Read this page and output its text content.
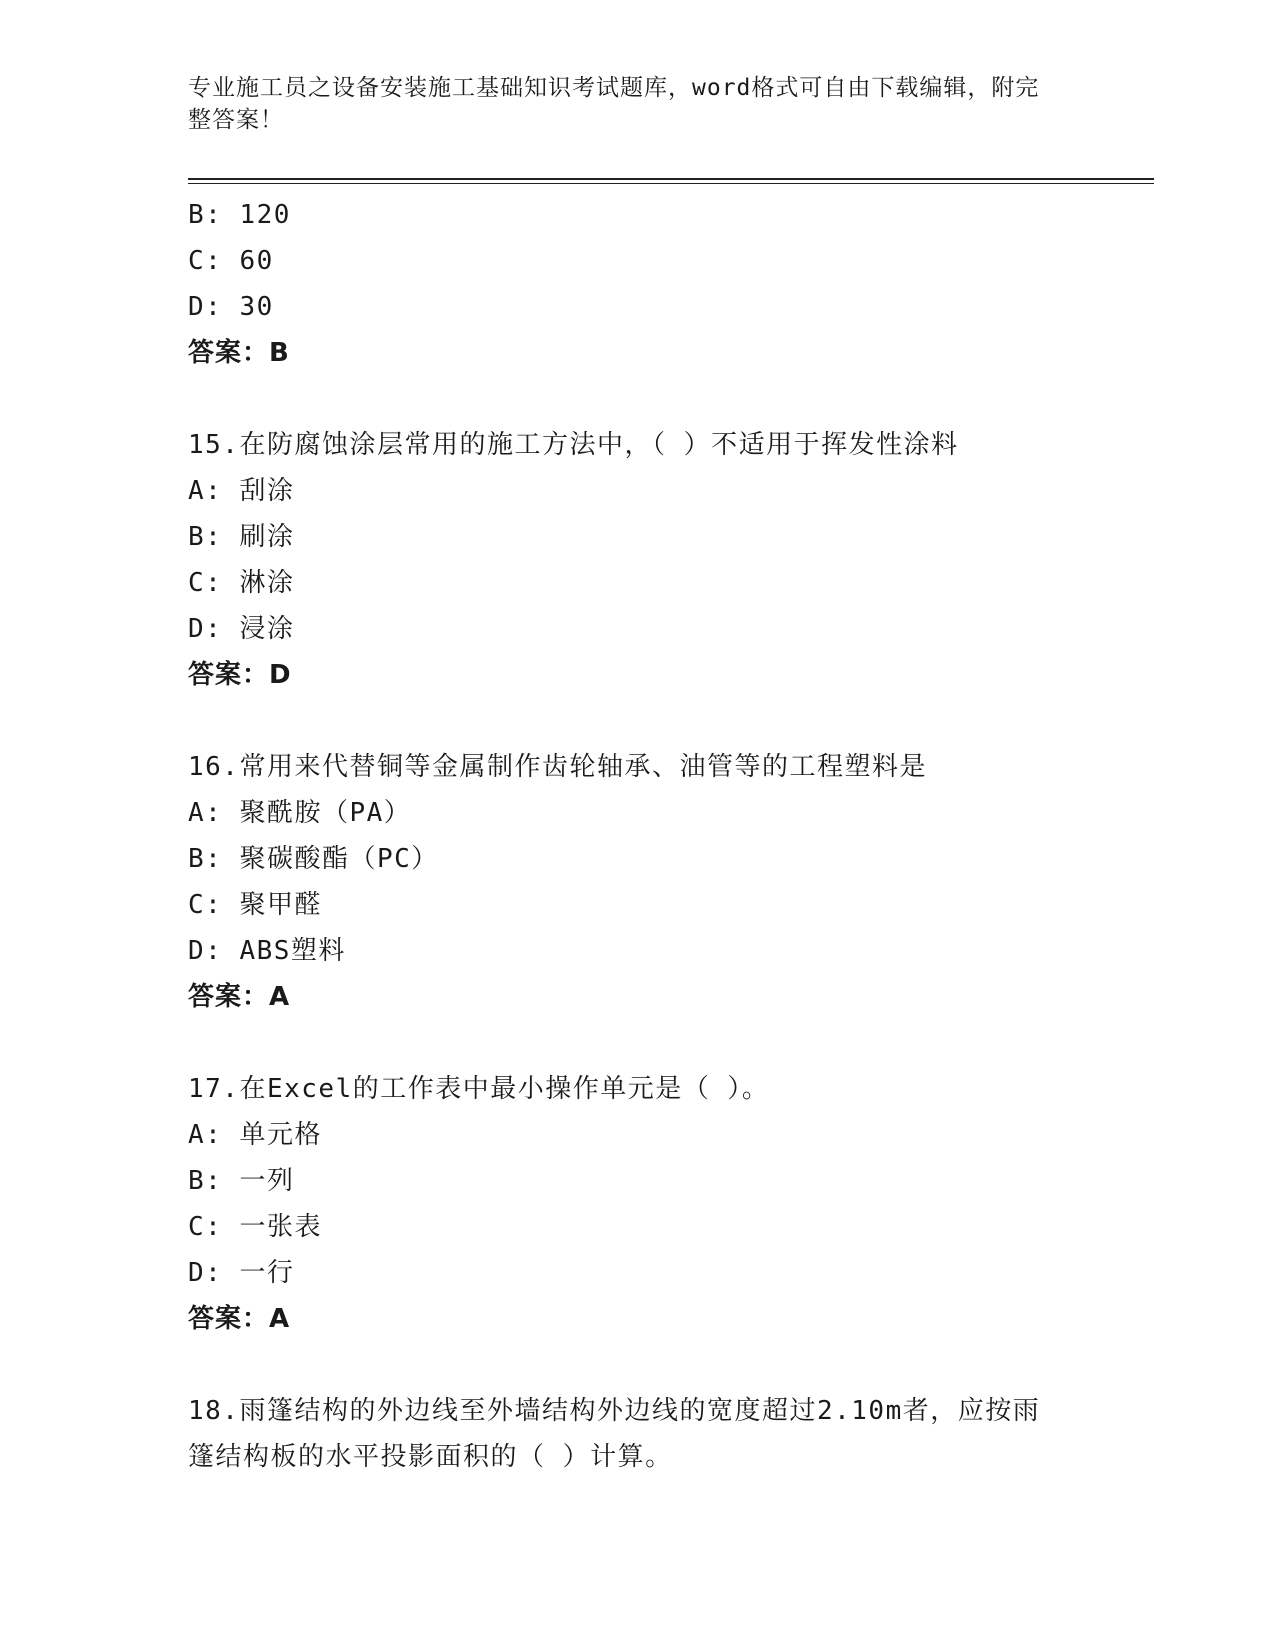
专业施工员之设备安装施工基础知识考试题库，word格式可自由下载编辑，附完
整答案！
B: 120
C: 60
D: 30
答案：B
15.在防腐蚀涂层常用的施工方法中，（ ）不适用于挥发性涂料
A: 刮涂
B: 刷涂
C: 淋涂
D: 浸涂
答案：D
16.常用来代替铜等金属制作齿轮轴承、油管等的工程塑料是
A: 聚酰胺（PA）
B: 聚碳酸酯（PC）
C: 聚甲醛
D: ABS塑料
答案：A
17.在Excel的工作表中最小操作单元是（ ）。
A: 单元格
B: 一列
C: 一张表
D: 一行
答案：A
18.雨篷结构的外边线至外墙结构外边线的宽度超过2.10m者，应按雨
篷结构板的水平投影面积的（ ）计算。
